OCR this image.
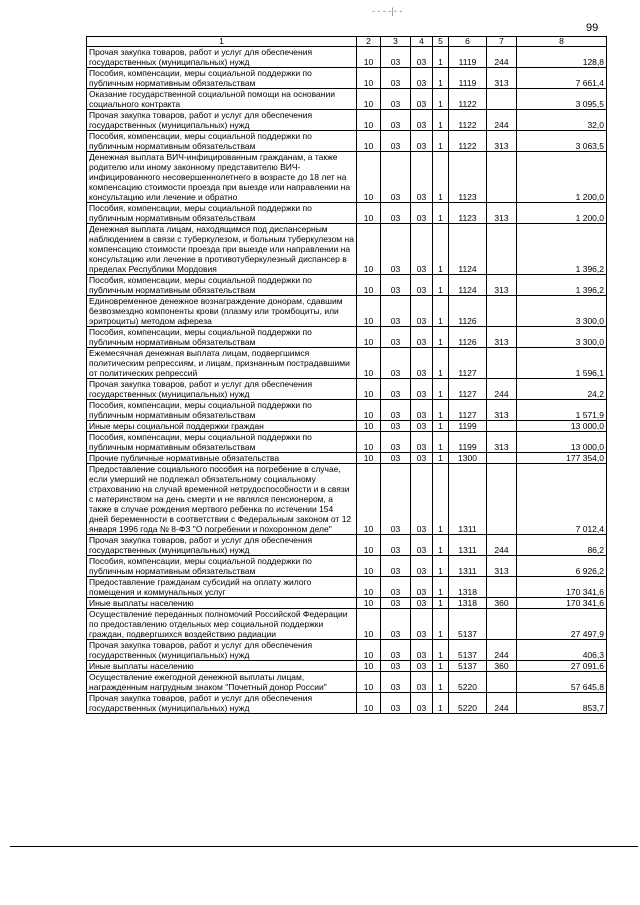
- - - -|- -
99
1	2	3	4	5	6	7	8
Прочая закупка товаров, работ и услуг для обеспечения государственных (муниципальных) нужд	10	03	03	1	1119	244	128,8
Пособия, компенсации, меры социальной поддержки по публичным нормативным обязательствам	10	03	03	1	1119	313	7 661,4
Оказание государственной социальной помощи на основании социального контракта	10	03	03	1	1122		3 095,5
Прочая закупка товаров, работ и услуг для обеспечения государственных (муниципальных) нужд	10	03	03	1	1122	244	32,0
Пособия, компенсации, меры социальной поддержки по публичным нормативным обязательствам	10	03	03	1	1122	313	3 063,5
Денежная выплата ВИЧ-инфицированным гражданам, а также родителю или иному законному представителю ВИЧ-инфицированного несовершеннолетнего в возрасте до 18 лет на компенсацию стоимости проезда при выезде или направлении на консультацию или лечение и обратно	10	03	03	1	1123		1 200,0
Пособия, компенсации, меры социальной поддержки по публичным нормативным обязательствам	10	03	03	1	1123	313	1 200,0
Денежная выплата лицам, находящимся под диспансерным наблюдением в связи с туберкулезом, и больным туберкулезом на компенсацию стоимости проезда при выезде или направлении на консультацию или лечение в противотуберкулезный диспансер в пределах Республики Мордовия	10	03	03	1	1124		1 396,2
Пособия, компенсации, меры социальной поддержки по публичным нормативным обязательствам	10	03	03	1	1124	313	1 396,2
Единовременное денежное вознаграждение донорам, сдавшим безвозмездно компоненты крови (плазму или тромбоциты, или эритроциты) методом афереза	10	03	03	1	1126		3 300,0
Пособия, компенсации, меры социальной поддержки по публичным нормативным обязательствам	10	03	03	1	1126	313	3 300,0
Ежемесячная денежная выплата лицам, подвергшимся политическим репрессиям, и лицам, признанным пострадавшими от политических репрессий	10	03	03	1	1127		1 596,1
Прочая закупка товаров, работ и услуг для обеспечения государственных (муниципальных) нужд	10	03	03	1	1127	244	24,2
Пособия, компенсации, меры социальной поддержки по публичным нормативным обязательствам	10	03	03	1	1127	313	1 571,9
Иные меры социальной поддержки граждан	10	03	03	1	1199		13 000,0
Пособия, компенсации, меры социальной поддержки по публичным нормативным обязательствам	10	03	03	1	1199	313	13 000,0
Прочие публичные нормативные обязательства	10	03	03	1	1300		177 354,0
Предоставление социального пособия на погребение в случае, если умерший не подлежал обязательному социальному страхованию на случай временной нетрудоспособности и в связи с материнством на день смерти и не являлся пенсионером, а также в случае рождения мертвого ребенка по истечении 154 дней беременности в соответствии с Федеральным законом от 12 января 1996 года № 8-ФЗ "О погребении и похоронном деле"	10	03	03	1	1311		7 012,4
Прочая закупка товаров, работ и услуг для обеспечения государственных (муниципальных) нужд	10	03	03	1	1311	244	86,2
Пособия, компенсации, меры социальной поддержки по публичным нормативным обязательствам	10	03	03	1	1311	313	6 926,2
Предоставление гражданам субсидий на оплату жилого помещения и коммунальных услуг	10	03	03	1	1318		170 341,6
Иные выплаты населению	10	03	03	1	1318	360	170 341,6
Осуществление переданных полномочий Российской Федерации по предоставлению отдельных мер социальной поддержки граждан, подвергшихся воздействию радиации	10	03	03	1	5137		27 497,9
Прочая закупка товаров, работ и услуг для обеспечения государственных (муниципальных) нужд	10	03	03	1	5137	244	406,3
Иные выплаты населению	10	03	03	1	5137	360	27 091,6
Осуществление ежегодной денежной выплаты лицам, награжденным нагрудным знаком "Почетный донор России"	10	03	03	1	5220		57 645,8
Прочая закупка товаров, работ и услуг для обеспечения государственных (муниципальных) нужд	10	03	03	1	5220	244	853,7
